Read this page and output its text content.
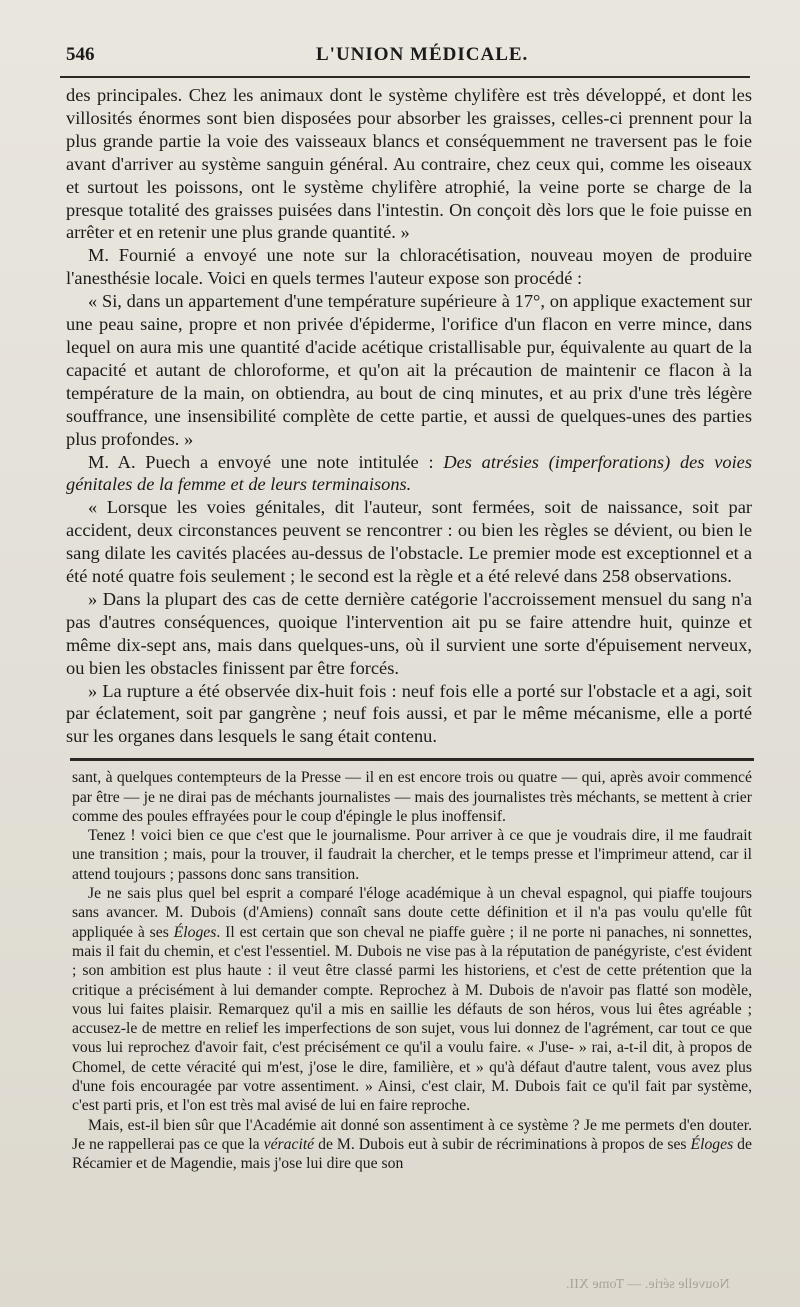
546	L'UNION MÉDICALE.

des principales. Chez les animaux dont le système chylifère est très développé, et dont les villosités énormes sont bien disposées pour absorber les graisses, celles-ci prennent pour la plus grande partie la voie des vaisseaux blancs et conséquemment ne traversent pas le foie avant d'arriver au système sanguin général. Au contraire, chez ceux qui, comme les oiseaux et surtout les poissons, ont le système chylifère atrophié, la veine porte se charge de la presque totalité des graisses puisées dans l'intestin. On conçoit dès lors que le foie puisse en arrêter et en retenir une plus grande quantité. »

M. Fournié a envoyé une note sur la chloracétisation, nouveau moyen de produire l'anesthésie locale. Voici en quels termes l'auteur expose son procédé :

« Si, dans un appartement d'une température supérieure à 17°, on applique exactement sur une peau saine, propre et non privée d'épiderme, l'orifice d'un flacon en verre mince, dans lequel on aura mis une quantité d'acide acétique cristallisable pur, équivalente au quart de la capacité et autant de chloroforme, et qu'on ait la précaution de maintenir ce flacon à la température de la main, on obtiendra, au bout de cinq minutes, et au prix d'une très légère souffrance, une insensibilité complète de cette partie, et aussi de quelques-unes des parties plus profondes. »

M. A. Puech a envoyé une note intitulée : Des atrésies (imperforations) des voies génitales de la femme et de leurs terminaisons.

« Lorsque les voies génitales, dit l'auteur, sont fermées, soit de naissance, soit par accident, deux circonstances peuvent se rencontrer : ou bien les règles se dévient, ou bien le sang dilate les cavités placées au-dessus de l'obstacle. Le premier mode est exceptionnel et a été noté quatre fois seulement ; le second est la règle et a été relevé dans 258 observations.

» Dans la plupart des cas de cette dernière catégorie l'accroissement mensuel du sang n'a pas d'autres conséquences, quoique l'intervention ait pu se faire attendre huit, quinze et même dix-sept ans, mais dans quelques-uns, où il survient une sorte d'épuisement nerveux, ou bien les obstacles finissent par être forcés.

» La rupture a été observée dix-huit fois : neuf fois elle a porté sur l'obstacle et a agi, soit par éclatement, soit par gangrène ; neuf fois aussi, et par le même mécanisme, elle a porté sur les organes dans lesquels le sang était contenu.

sant, à quelques contempteurs de la Presse — il en est encore trois ou quatre — qui, après avoir commencé par être — je ne dirai pas de méchants journalistes — mais des journalistes très méchants, se mettent à crier comme des poules effrayées pour le coup d'épingle le plus inoffensif.

Tenez ! voici bien ce que c'est que le journalisme. Pour arriver à ce que je voudrais dire, il me faudrait une transition ; mais, pour la trouver, il faudrait la chercher, et le temps presse et l'imprimeur attend, car il attend toujours ; passons donc sans transition.

Je ne sais plus quel bel esprit a comparé l'éloge académique à un cheval espagnol, qui piaffe toujours sans avancer. M. Dubois (d'Amiens) connaît sans doute cette définition et il n'a pas voulu qu'elle fût appliquée à ses Éloges. Il est certain que son cheval ne piaffe guère ; il ne porte ni panaches, ni sonnettes, mais il fait du chemin, et c'est l'essentiel. M. Dubois ne vise pas à la réputation de panégyriste, c'est évident ; son ambition est plus haute : il veut être classé parmi les historiens, et c'est de cette prétention que la critique a précisément à lui demander compte. Reprochez à M. Dubois de n'avoir pas flatté son modèle, vous lui faites plaisir. Remarquez qu'il a mis en saillie les défauts de son héros, vous lui êtes agréable ; accusez-le de mettre en relief les imperfections de son sujet, vous lui donnez de l'agrément, car tout ce que vous lui reprochez d'avoir fait, c'est précisément ce qu'il a voulu faire. « J'use- » rai, a-t-il dit, à propos de Chomel, de cette véracité qui m'est, j'ose le dire, familière, et » qu'à défaut d'autre talent, vous avez plus d'une fois encouragée par votre assentiment. » Ainsi, c'est clair, M. Dubois fait ce qu'il fait par système, c'est parti pris, et l'on est très mal avisé de lui en faire reproche.

Mais, est-il bien sûr que l'Académie ait donné son assentiment à ce système ? Je me permets d'en douter. Je ne rappellerai pas ce que la véracité de M. Dubois eut à subir de récriminations à propos de ses Éloges de Récamier et de Magendie, mais j'ose lui dire que son

Nouvelle série. — Tome XII.
